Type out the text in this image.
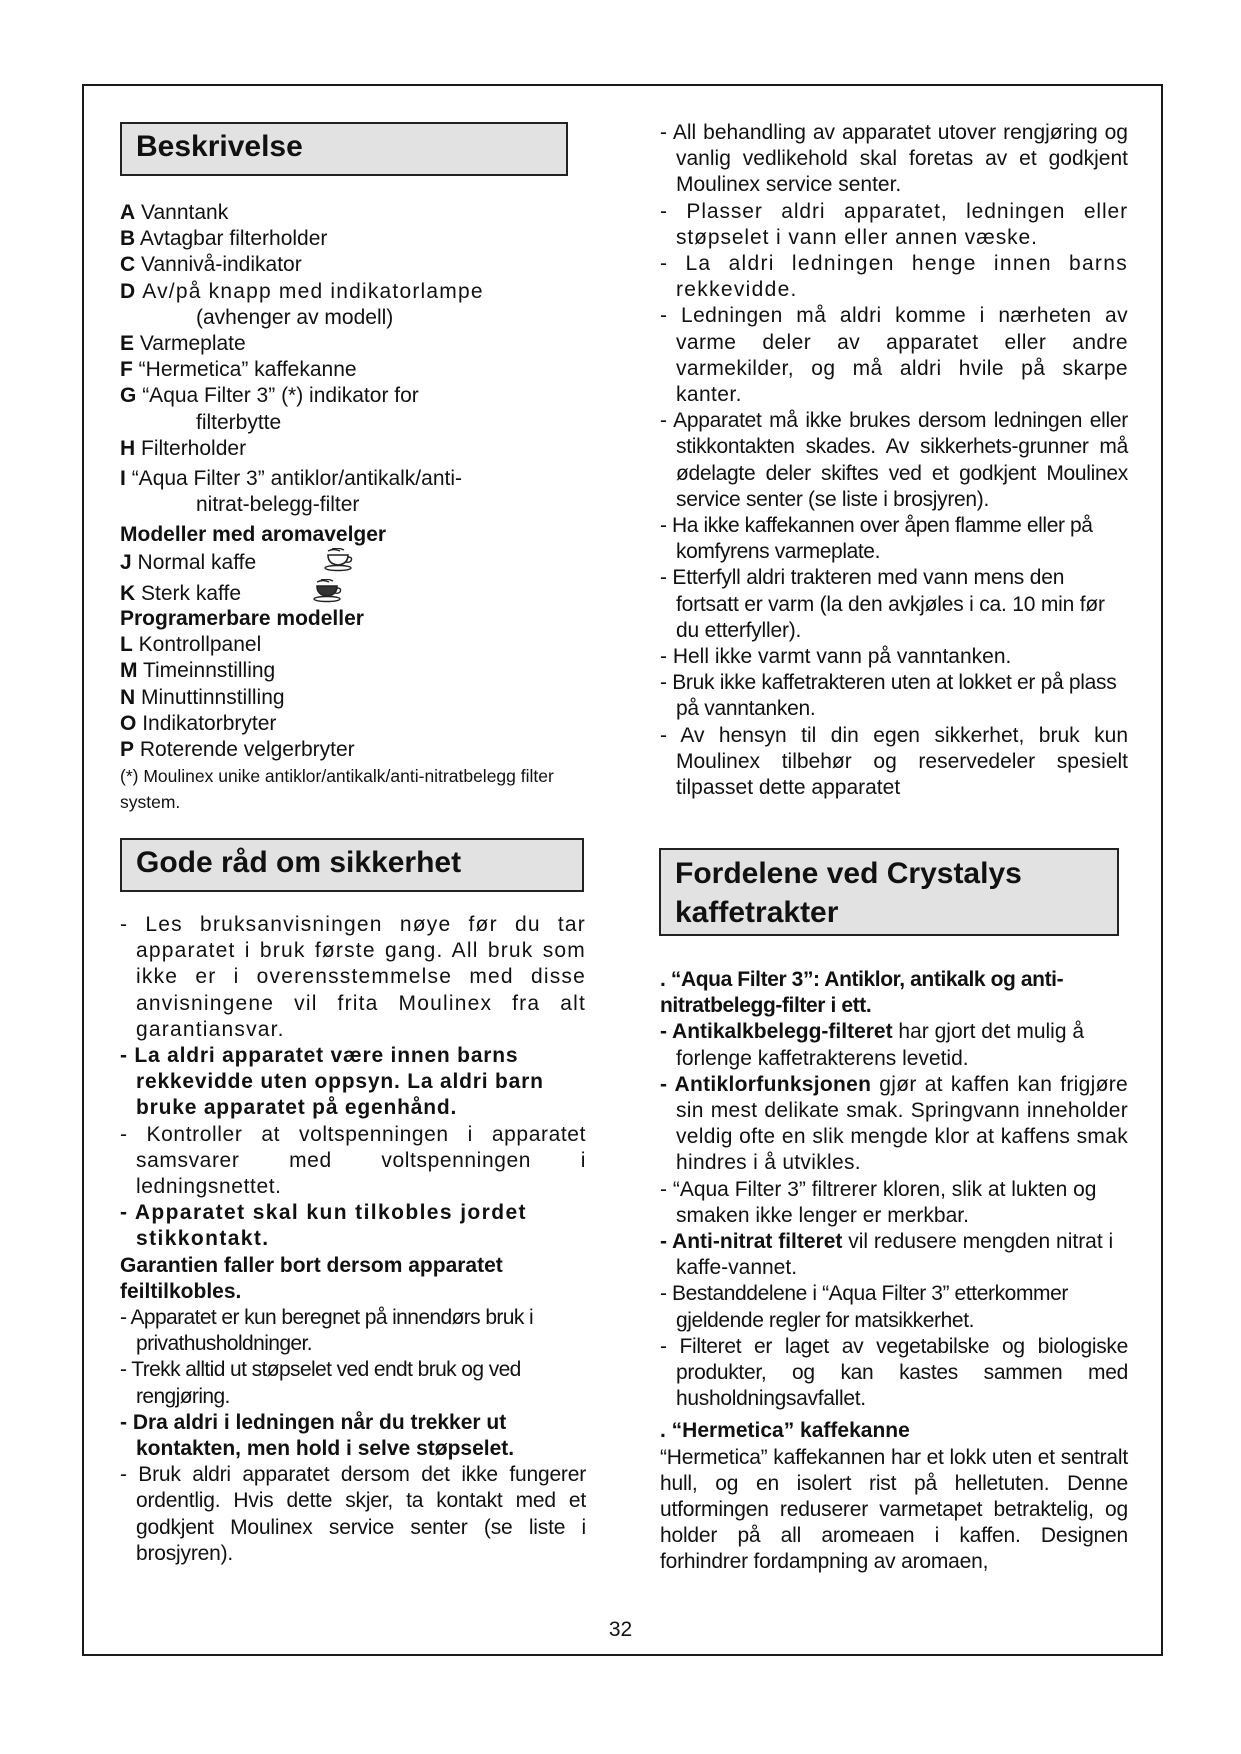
Beskrivelse

A Vanntank

B Avtagbar filterholder

C Vannivå-indikator

D Av/på knapp med indikatorlampe

(avhenger av modell)

E Varmeplate

F “Hermetica” kaffekanne

G “Aqua Filter 3” (*) indikator for

filterbytte

H Filterholder

I “Aqua Filter 3” antiklor/antikalk/anti-

nitrat-belegg-filter

Modeller med aromavelger

J Normal kaffe

K Sterk kaffe

Programerbare modeller

L Kontrollpanel

M Timeinnstilling

N Minuttinnstilling

O Indikatorbryter

P Roterende velgerbryter

(*) Moulinex unike antiklor/antikalk/anti-nitratbelegg filter system.

Gode råd om sikkerhet

- Les bruksanvisningen nøye før du tar apparatet i bruk første gang. All bruk som ikke er i overensstemmelse med disse anvisningene vil frita Moulinex fra alt garantiansvar.

- La aldri apparatet være innen barns rekkevidde uten oppsyn. La aldri barn bruke apparatet på egenhånd.

- Kontroller at voltspenningen i apparatet samsvarer med voltspenningen i ledningsnettet.

- Apparatet skal kun tilkobles jordet stikkontakt.

Garantien faller bort dersom apparatet feiltilkobles.

- Apparatet er kun beregnet på innendørs bruk i privathusholdninger.

- Trekk alltid ut støpselet ved endt bruk og ved rengjøring.

- Dra aldri i ledningen når du trekker ut kontakten, men hold i selve støpselet.

- Bruk aldri apparatet dersom det ikke fungerer ordentlig. Hvis dette skjer, ta kontakt med et godkjent Moulinex service senter (se liste i brosjyren).

- All behandling av apparatet utover rengjøring og vanlig vedlikehold skal foretas av et godkjent Moulinex service senter.

- Plasser aldri apparatet, ledningen eller støpselet i vann eller annen væske.

- La aldri ledningen henge innen barns rekkevidde.

- Ledningen må aldri komme i nærheten av varme deler av apparatet eller andre varmekilder, og må aldri hvile på skarpe kanter.

- Apparatet må ikke brukes dersom ledningen eller stikkontakten skades. Av sikkerhets-grunner må ødelagte deler skiftes ved et godkjent Moulinex service senter (se liste i brosjyren).

- Ha ikke kaffekannen over åpen flamme eller på komfyrens varmeplate.

- Etterfyll aldri trakteren med vann mens den fortsatt er varm (la den avkjøles i ca. 10 min før du etterfyller).

- Hell ikke varmt vann på vanntanken.

- Bruk ikke kaffetrakteren uten at lokket er på plass på vanntanken.

- Av hensyn til din egen sikkerhet, bruk kun Moulinex tilbehør og reservedeler spesielt tilpasset dette apparatet

Fordelene ved Crystalys kaffetrakter

. “Aqua Filter 3”: Antiklor, antikalk og anti-nitratbelegg-filter i ett.

- Antikalkbelegg-filteret har gjort det mulig å forlenge kaffetrakterens levetid.

- Antiklorfunksjonen gjør at kaffen kan frigjøre sin mest delikate smak. Springvann inneholder veldig ofte en slik mengde klor at kaffens smak hindres i å utvikles.

- “Aqua Filter 3” filtrerer kloren, slik at lukten og smaken ikke lenger er merkbar.

- Anti-nitrat filteret vil redusere mengden nitrat i kaffe-vannet.

- Bestanddelene i “Aqua Filter 3” etterkommer gjeldende regler for matsikkerhet.

- Filteret er laget av vegetabilske og biologiske produkter, og kan kastes sammen med husholdningsavfallet.

. “Hermetica” kaffekanne

“Hermetica” kaffekannen har et lokk uten et sentralt hull, og en isolert rist på helletuten. Denne utformingen reduserer varmetapet betraktelig, og holder på all aromeaen i kaffen. Designen forhindrer fordampning av aromaen,

32
